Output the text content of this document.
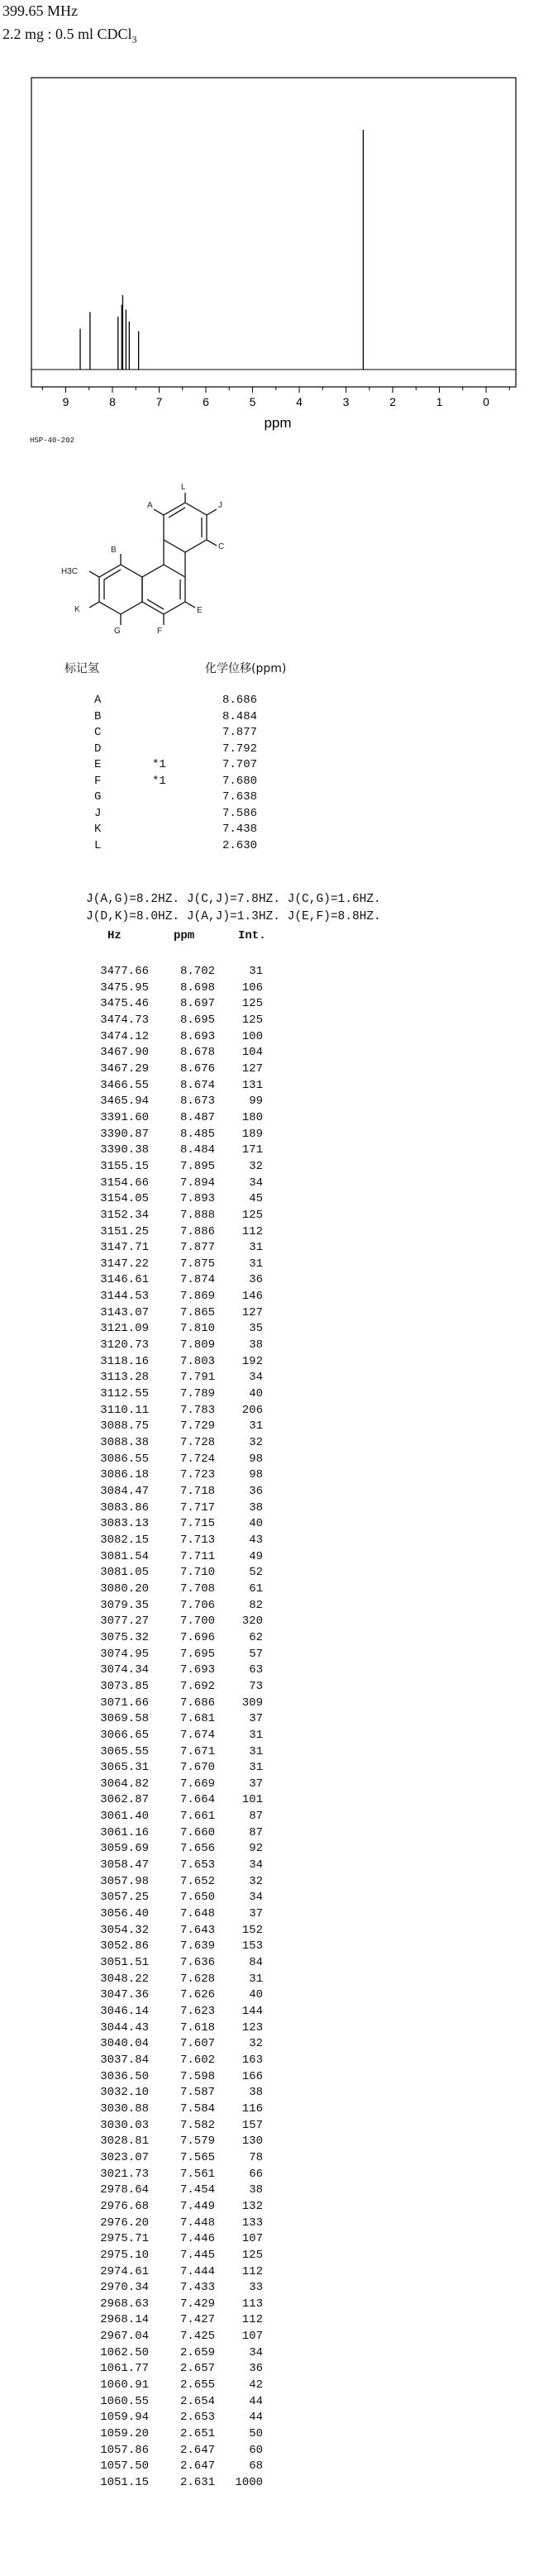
399.65 MHz
2.2 mg : 0.5 ml CDCl$_3$
9	8	7	6	5	4	3	2	1	0
ppm
HSP-40-202
H3C
B
K
G	F
E
A
L
J
C
标记氢	化学位移(ppm)
A	8.686
B	8.484
C	7.877
D	7.792
E	*1	7.707
F	*1	7.680
G	7.638
J	7.586
K	7.438
L	2.630
J(A,G)=8.2HZ. J(C,J)=7.8HZ. J(C,G)=1.6HZ.
J(D,K)=8.0HZ. J(A,J)=1.3HZ. J(E,F)=8.8HZ.
Hz	ppm	Int.
3477.66	8.702	31
3475.95	8.698	106
3475.46	8.697	125
3474.73	8.695	125
3474.12	8.693	100
3467.90	8.678	104
3467.29	8.676	127
3466.55	8.674	131
3465.94	8.673	99
3391.60	8.487	180
3390.87	8.485	189
3390.38	8.484	171
3155.15	7.895	32
3154.66	7.894	34
3154.05	7.893	45
3152.34	7.888	125
3151.25	7.886	112
3147.71	7.877	31
3147.22	7.875	31
3146.61	7.874	36
3144.53	7.869	146
3143.07	7.865	127
3121.09	7.810	35
3120.73	7.809	38
3118.16	7.803	192
3113.28	7.791	34
3112.55	7.789	40
3110.11	7.783	206
3088.75	7.729	31
3088.38	7.728	32
3086.55	7.724	98
3086.18	7.723	98
3084.47	7.718	36
3083.86	7.717	38
3083.13	7.715	40
3082.15	7.713	43
3081.54	7.711	49
3081.05	7.710	52
3080.20	7.708	61
3079.35	7.706	82
3077.27	7.700	320
3075.32	7.696	62
3074.95	7.695	57
3074.34	7.693	63
3073.85	7.692	73
3071.66	7.686	309
3069.58	7.681	37
3066.65	7.674	31
3065.55	7.671	31
3065.31	7.670	31
3064.82	7.669	37
3062.87	7.664	101
3061.40	7.661	87
3061.16	7.660	87
3059.69	7.656	92
3058.47	7.653	34
3057.98	7.652	32
3057.25	7.650	34
3056.40	7.648	37
3054.32	7.643	152
3052.86	7.639	153
3051.51	7.636	84
3048.22	7.628	31
3047.36	7.626	40
3046.14	7.623	144
3044.43	7.618	123
3040.04	7.607	32
3037.84	7.602	163
3036.50	7.598	166
3032.10	7.587	38
3030.88	7.584	116
3030.03	7.582	157
3028.81	7.579	130
3023.07	7.565	78
3021.73	7.561	66
2978.64	7.454	38
2976.68	7.449	132
2976.20	7.448	133
2975.71	7.446	107
2975.10	7.445	125
2974.61	7.444	112
2970.34	7.433	33
2968.63	7.429	113
2968.14	7.427	112
2967.04	7.425	107
1062.50	2.659	34
1061.77	2.657	36
1060.91	2.655	42
1060.55	2.654	44
1059.94	2.653	44
1059.20	2.651	50
1057.86	2.647	60
1057.50	2.647	68
1051.15	2.631	1000
